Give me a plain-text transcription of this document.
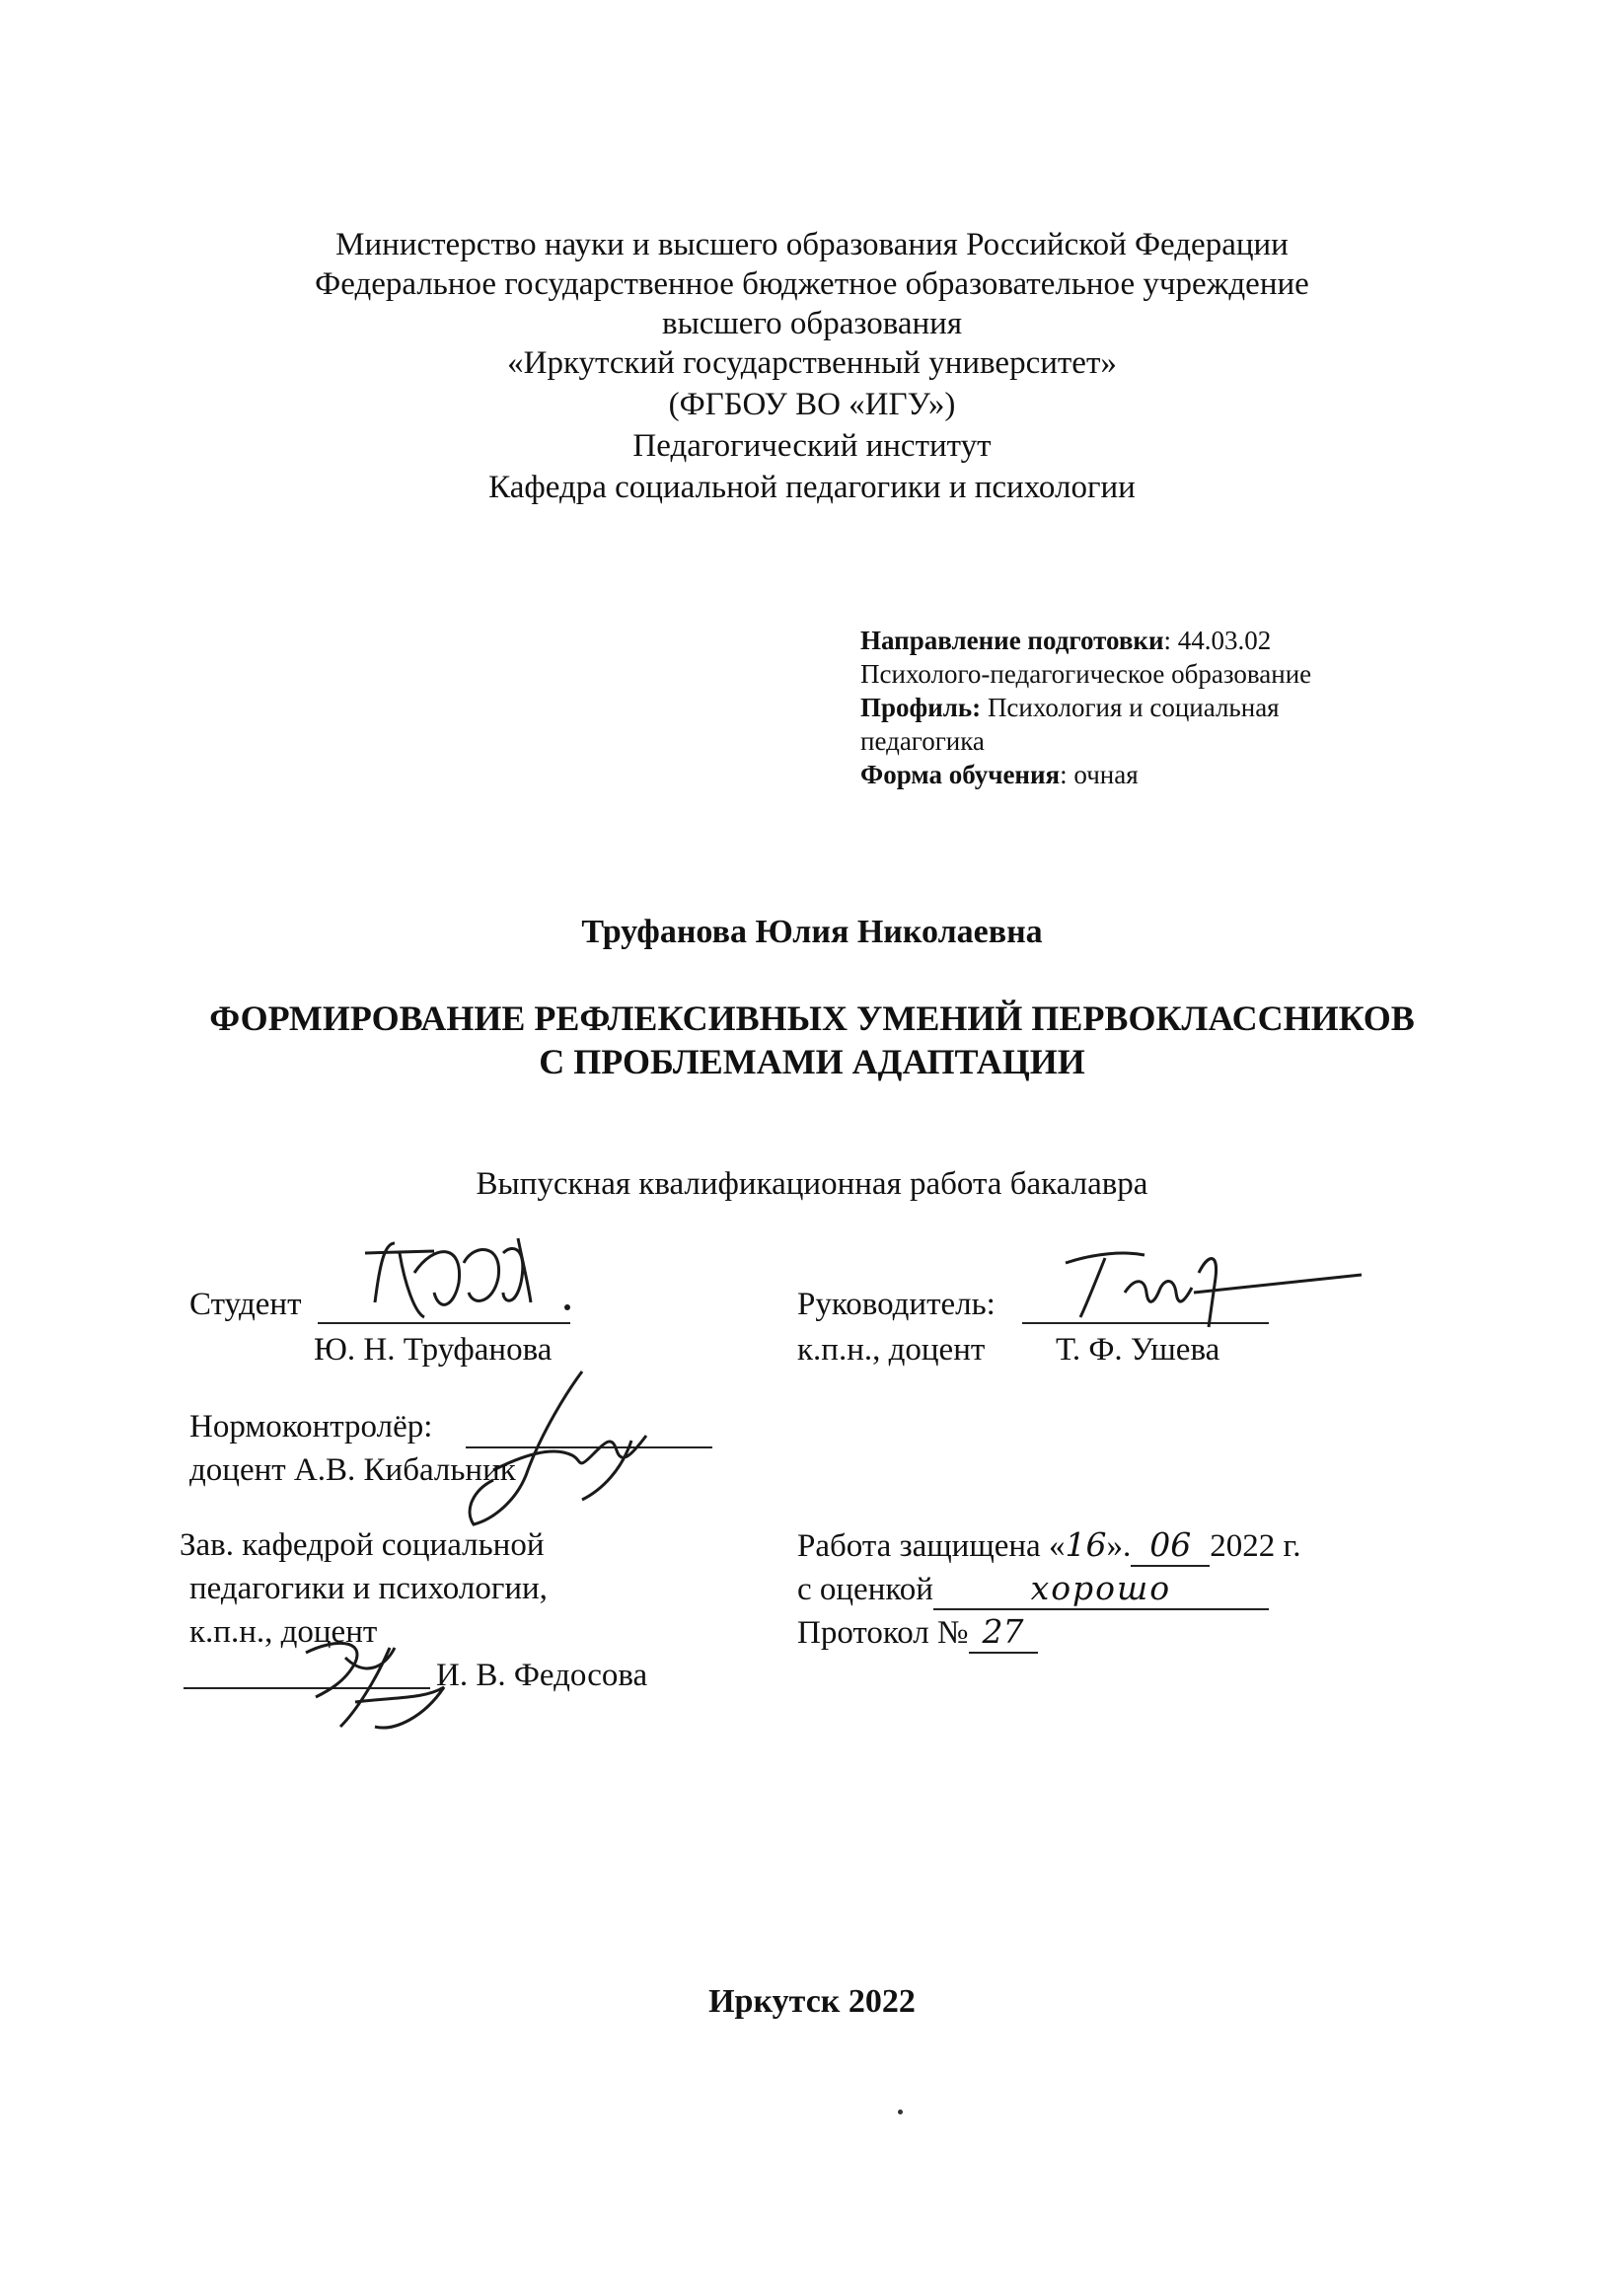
Министерство науки и высшего образования Российской Федерации
Федеральное государственное бюджетное образовательное учреждение
высшего образования
«Иркутский государственный университет»
(ФГБОУ ВО «ИГУ»)
Педагогический институт
Кафедра социальной педагогики и психологии
Направление подготовки: 44.03.02
Психолого-педагогическое образование
Профиль: Психология и социальная
педагогика
Форма обучения: очная
Труфанова Юлия Николаевна
ФОРМИРОВАНИЕ РЕФЛЕКСИВНЫХ УМЕНИЙ ПЕРВОКЛАССНИКОВ
С ПРОБЛЕМАМИ АДАПТАЦИИ
Выпускная квалификационная работа бакалавра
Студент
Ю. Н. Труфанова
Руководитель:
к.п.н., доцент Т. Ф. Ушева
Нормоконтролёр:
доцент А.В. Кибальник
Зав. кафедрой социальной
педагогики и психологии,
к.п.н., доцент
И. В. Федосова
Работа защищена «16». 06 2022 г.
с оценкой	хорошо
Протокол № 27
Иркутск 2022
